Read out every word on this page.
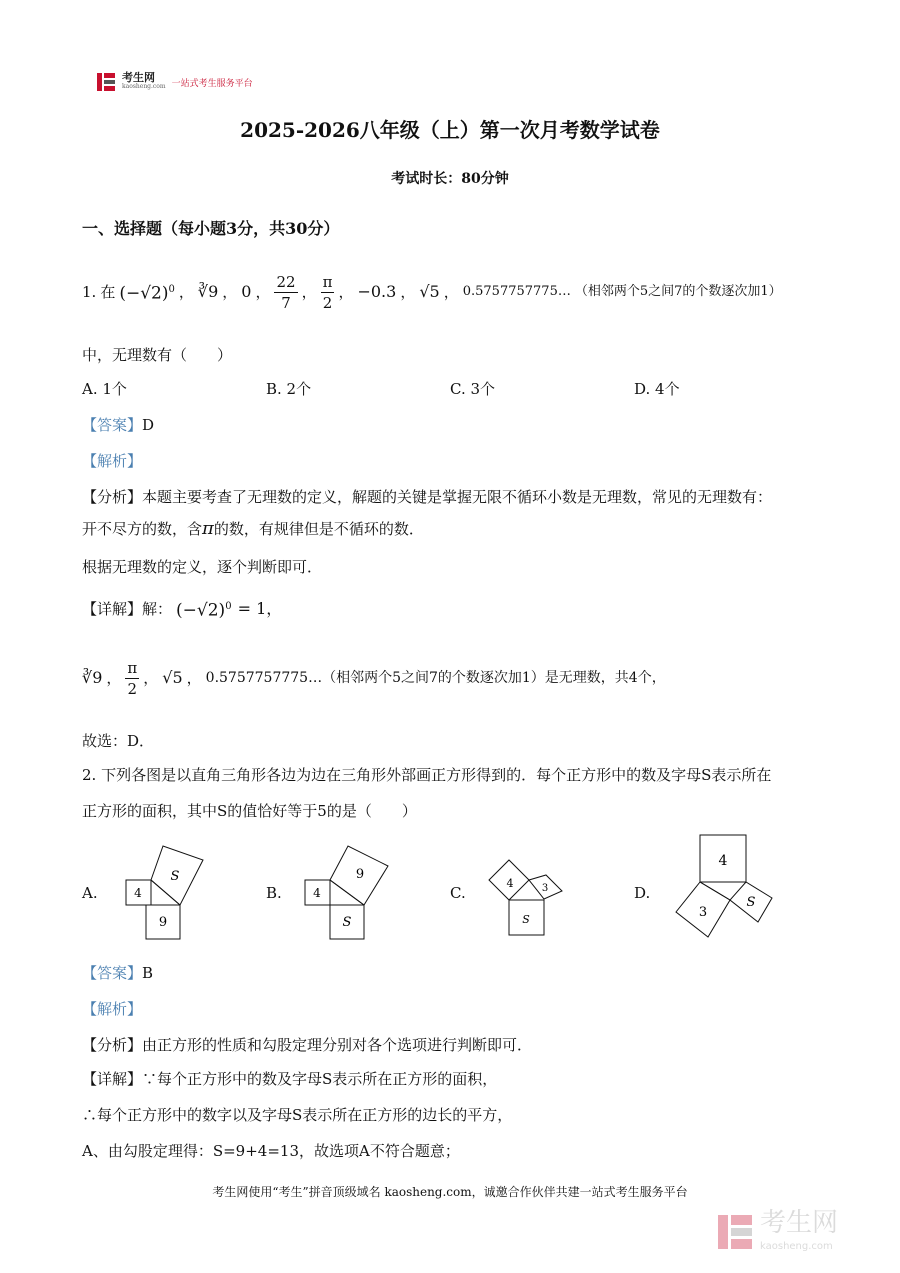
考生网
kaosheng.com 一站式考生服务平台
2025-2026八年级（上）第一次月考数学试卷
考试时长：80分钟
一、选择题（每小题3分，共30分）
1. 在 $(-√2)^0$ ， ∛9 ， 0 ， $\frac{22}{7}$ ， $\frac{\pi}{2}$ ， −0.3 ， √5 ， 0.5757757775… （相邻两个5之间7的个数逐次加1）
中，无理数有（　　）
A. 1个	B. 2个	C. 3个	D. 4个
【答案】D
【解析】
【分析】本题主要考查了无理数的定义，解题的关键是掌握无限不循环小数是无理数，常见的无理数有：
开不尽方的数，含π的数，有规律但是不循环的数．
根据无理数的定义，逐个判断即可．
【详解】 解： $(-√2)^0 = 1$，
∛9 ， $\frac{\pi}{2}$ ， √5 ， 0.5757757775…（相邻两个5之间7的个数逐次加1）是无理数，共4个，
故选：D．
2. 下列各图是以直角三角形各边为边在三角形外部画正方形得到的．每个正方形中的数及字母S表示所在
正方形的面积，其中S的值恰好等于5的是（　　）
A.	4
S
9
B.	4
9
S
C.
4	3
S
D.
4
3
S
【答案】B
【解析】
【分析】由正方形的性质和勾股定理分别对各个选项进行判断即可．
【详解】∵每个正方形中的数及字母S表示所在正方形的面积，
∴每个正方形中的数字以及字母S表示所在正方形的边长的平方，
A、由勾股定理得：S=9+4=13，故选项A不符合题意；
考生网使用“考生”拼音顶级域名 kaosheng.com，诚邀合作伙伴共建一站式考生服务平台
考生网
kaosheng.com
